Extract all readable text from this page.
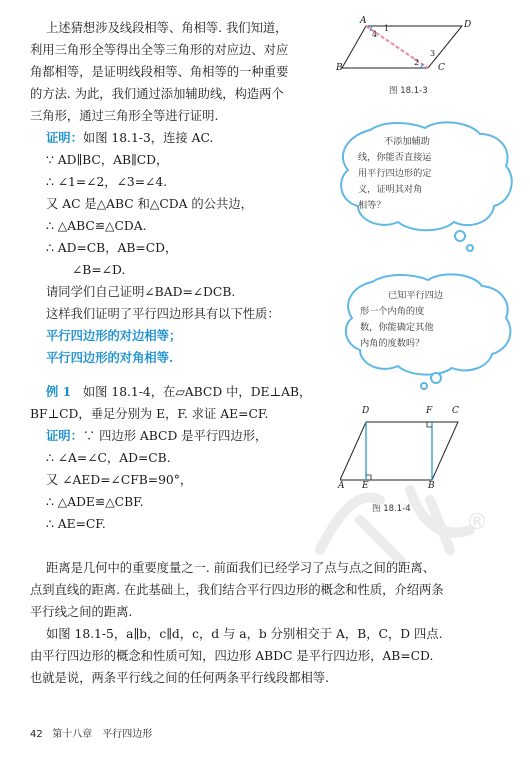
上述猜想涉及线段相等、角相等. 我们知道，
利用三角形全等得出全等三角形的对应边、对应
角都相等，是证明线段相等、角相等的一种重要
的方法. 为此，我们通过添加辅助线，构造两个
三角形，通过三角形全等进行证明.
A	D
B	C
1
4
3
2
图 18.1-3
证明：如图 18.1-3，连接 AC.
∵ AD∥BC，AB∥CD，
∴ ∠1=∠2，∠3=∠4.
又 AC 是△ABC 和△CDA 的公共边，
∴ △ABC≌△CDA.
∴ AD=CB，AB=CD，
∠B=∠D.
请同学们自己证明∠BAD=∠DCB.
这样我们证明了平行四边形具有以下性质：
平行四边形的对边相等；
平行四边形的对角相等.
不添加辅助
线，你能否直接运
用平行四边形的定
义，证明其对角
相等？
已知平行四边
形一个内角的度
数，你能确定其他
内角的度数吗？
例 1 如图 18.1-4，在▱ABCD 中，DE⊥AB，
BF⊥CD，垂足分别为 E，F. 求证 AE=CF.
证明：∵ 四边形 ABCD 是平行四边形，
∴ ∠A=∠C，AD=CB.
又 ∠AED=∠CFB=90°，
∴ △ADE≌△CBF.
∴ AE=CF.
D	F C
A E	B
图 18.1-4
®
距离是几何中的重要度量之一. 前面我们已经学习了点与点之间的距离、
点到直线的距离. 在此基础上，我们结合平行四边形的概念和性质，介绍两条
平行线之间的距离.
如图 18.1-5，a∥b，c∥d，c，d 与 a，b 分别相交于 A，B，C，D 四点.
由平行四边形的概念和性质可知，四边形 ABDC 是平行四边形，AB=CD.
也就是说，两条平行线之间的任何两条平行线段都相等.
42 第十八章　平行四边形
